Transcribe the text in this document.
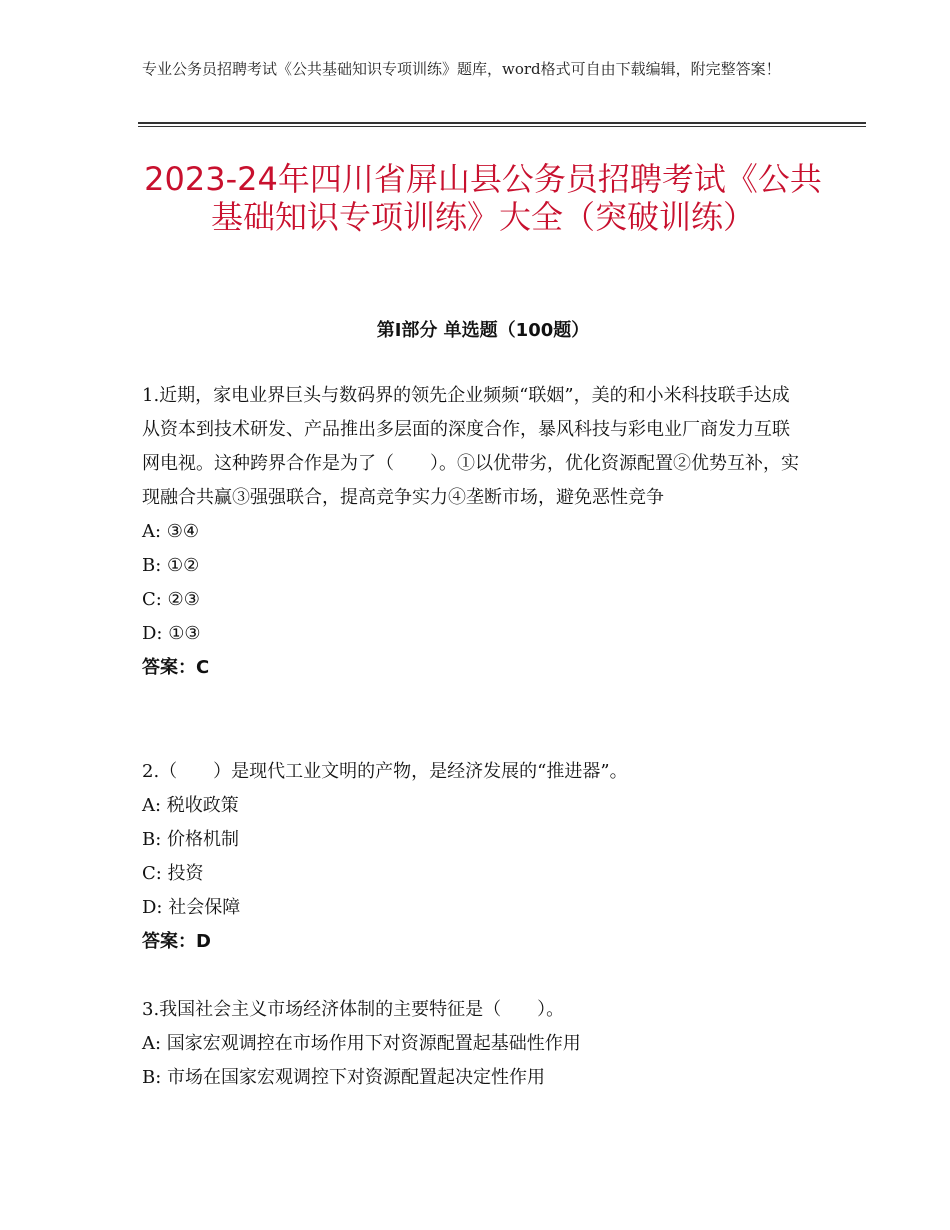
专业公务员招聘考试《公共基础知识专项训练》题库，word格式可自由下载编辑，附完整答案！
2023-24年四川省屏山县公务员招聘考试《公共基础知识专项训练》大全（突破训练）
第Ⅰ部分 单选题（100题）

1.近期，家电业界巨头与数码界的领先企业频频“联姻”，美的和小米科技联手达成从资本到技术研发、产品推出多层面的深度合作，暴风科技与彩电业厂商发力互联网电视。这种跨界合作是为了（　　）。①以优带劣，优化资源配置②优势互补，实现融合共赢③强强联合，提高竞争实力④垄断市场，避免恶性竞争

A: ③④

B: ①②

C: ②③

D: ①③

答案：C

2.（　　）是现代工业文明的产物，是经济发展的“推进器”。

A: 税收政策

B: 价格机制

C: 投资

D: 社会保障

答案：D

3.我国社会主义市场经济体制的主要特征是（　　）。

A: 国家宏观调控在市场作用下对资源配置起基础性作用

B: 市场在国家宏观调控下对资源配置起决定性作用
